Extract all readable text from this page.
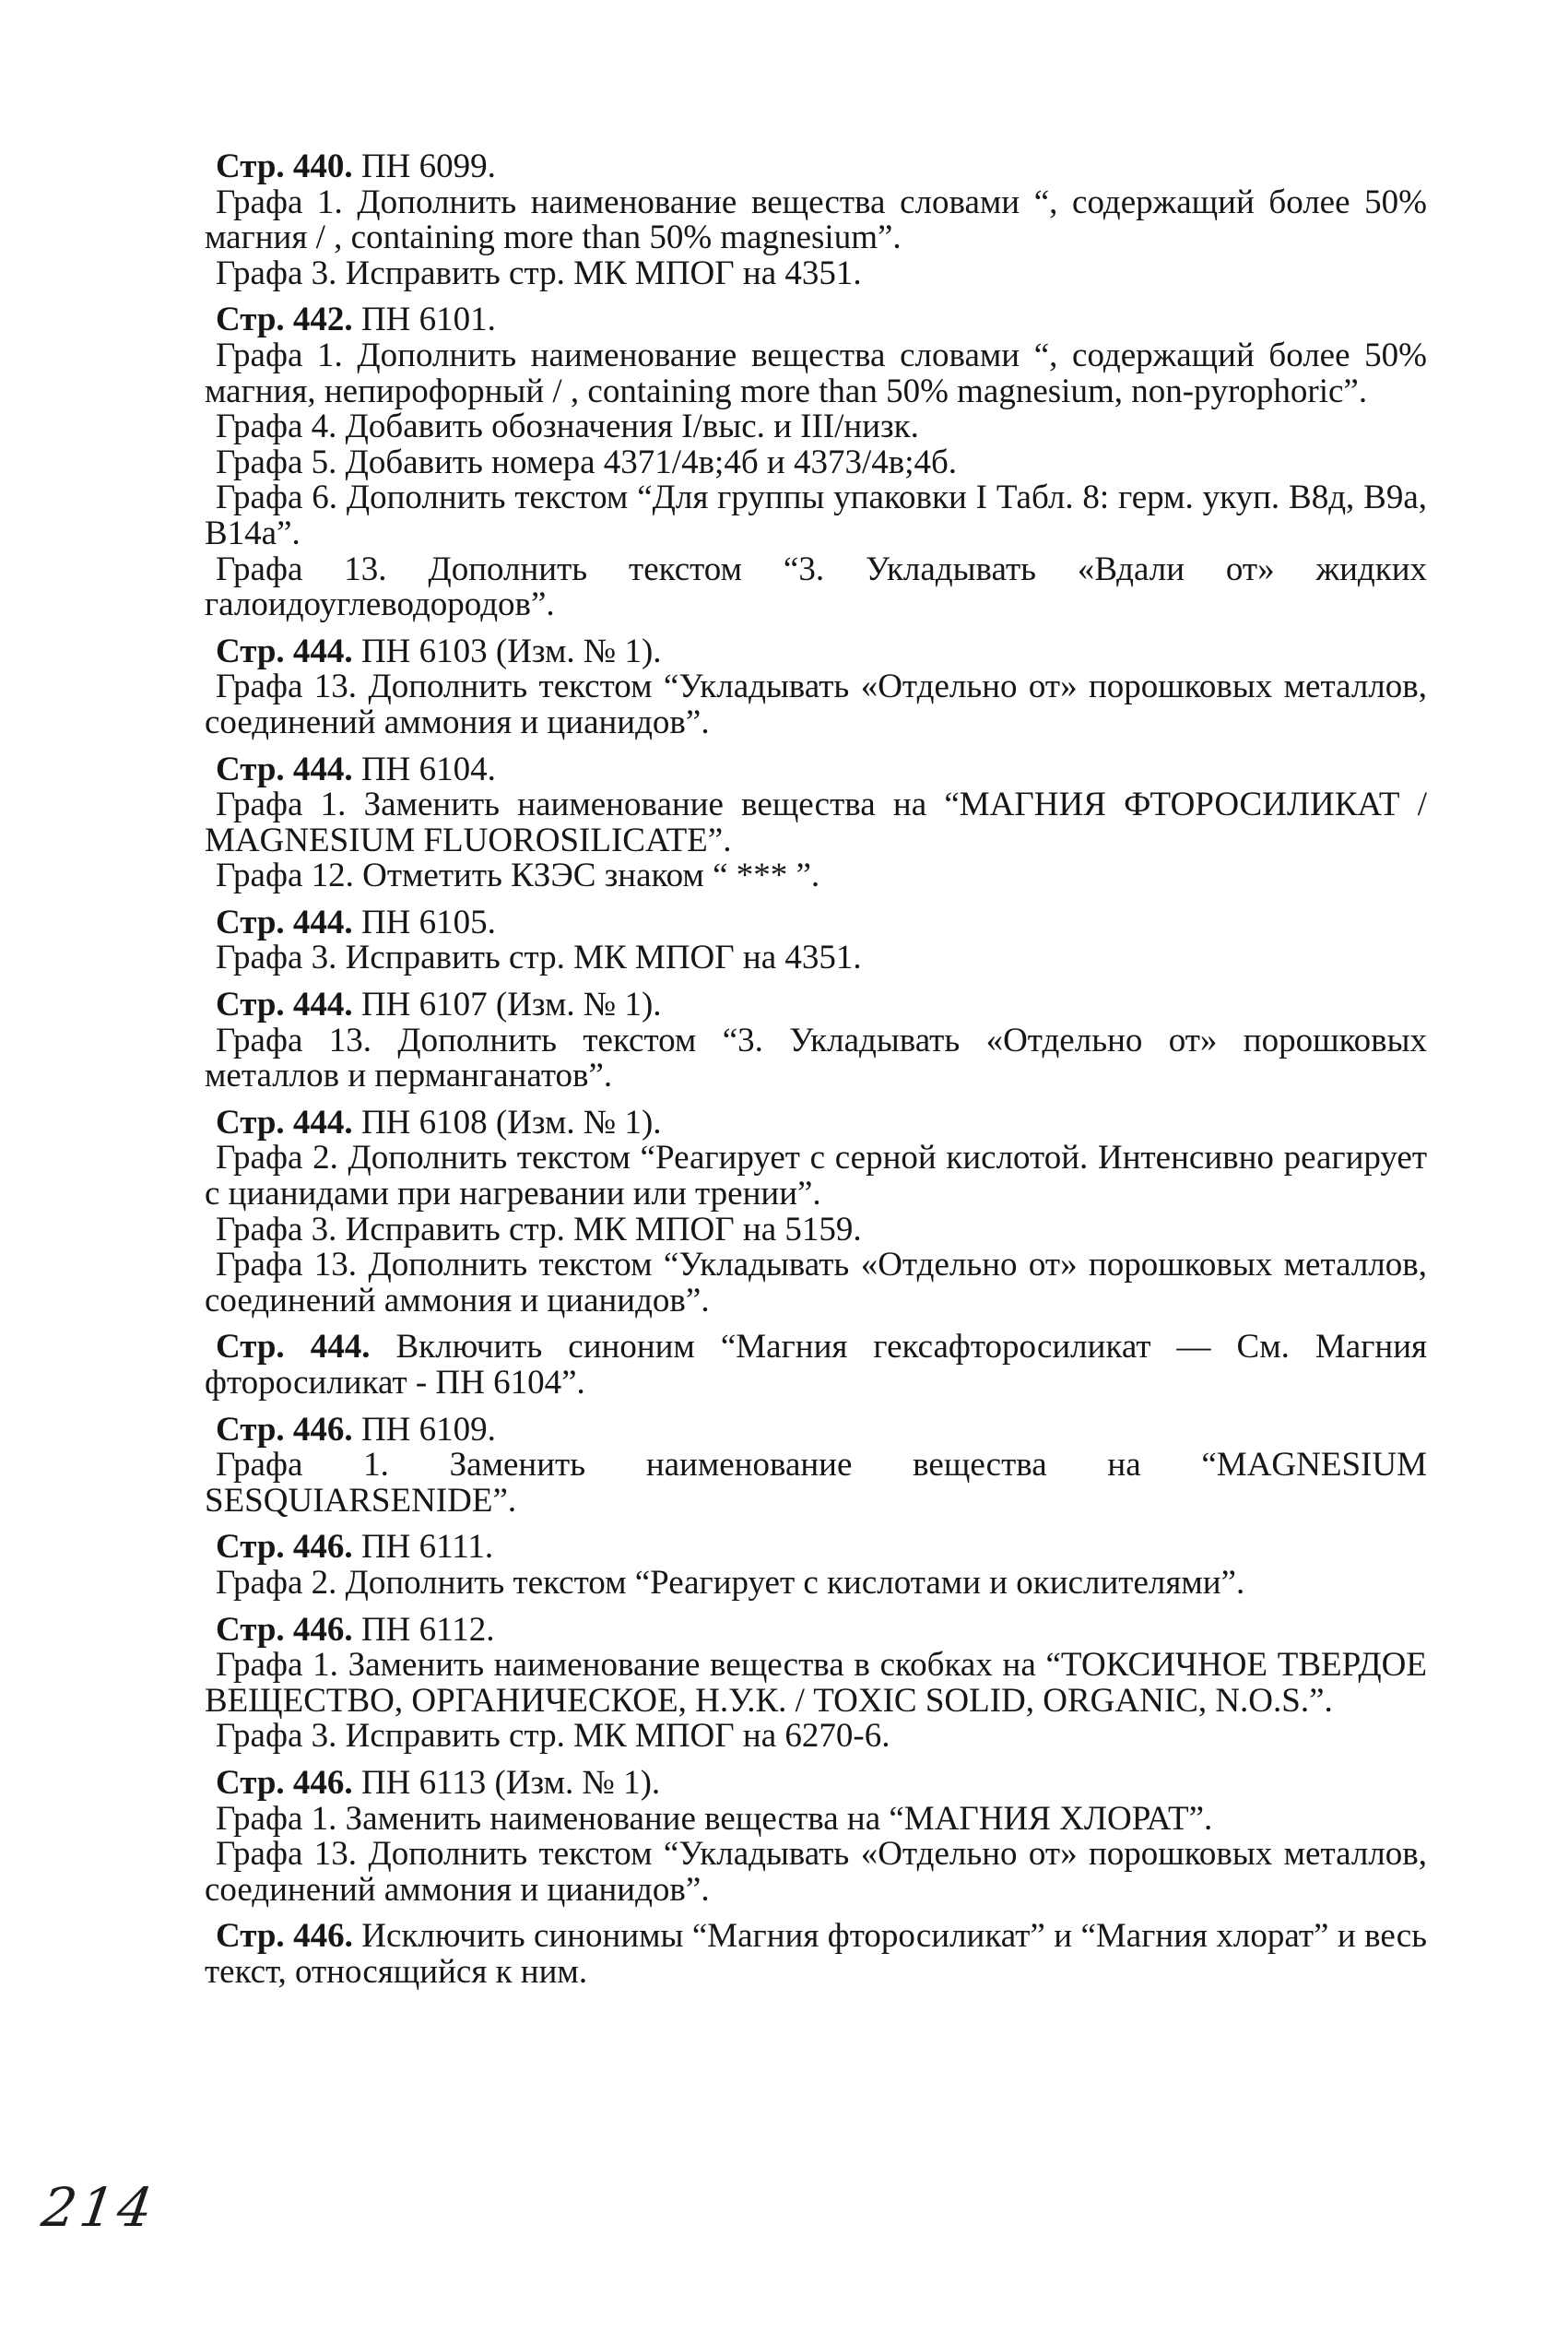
Стр. 440. ПН 6099.

Графа 1. Дополнить наименование вещества словами “, содержащий более 50% магния / , containing more than 50% magnesium”.

Графа 3. Исправить стр. МК МПОГ на 4351.

Стр. 442. ПН 6101.

Графа 1. Дополнить наименование вещества словами “, содержащий более 50% магния, непирофорный / , containing more than 50% magnesium, non-pyrophoric”.

Графа 4. Добавить обозначения I/выс. и III/низк.

Графа 5. Добавить номера 4371/4в;4б и 4373/4в;4б.

Графа 6. Дополнить текстом “Для группы упаковки I Табл. 8: герм. укуп. В8д, В9а, В14а”.

Графа 13. Дополнить текстом “3. Укладывать «Вдали от» жидких галоидоуглеводородов”.

Стр. 444. ПН 6103 (Изм. № 1).

Графа 13. Дополнить текстом “Укладывать «Отдельно от» порошковых металлов, соединений аммония и цианидов”.

Стр. 444. ПН 6104.

Графа 1. Заменить наименование вещества на “МАГНИЯ ФТОРОСИЛИКАТ / MAGNESIUM FLUOROSILICATE”.

Графа 12. Отметить КЗЭС знаком “ *** ”.

Стр. 444. ПН 6105.

Графа 3. Исправить стр. МК МПОГ на 4351.

Стр. 444. ПН 6107 (Изм. № 1).

Графа 13. Дополнить текстом “3. Укладывать «Отдельно от» порошковых металлов и перманганатов”.

Стр. 444. ПН 6108 (Изм. № 1).

Графа 2. Дополнить текстом “Реагирует с серной кислотой. Интенсивно реагирует с цианидами при нагревании или трении”.

Графа 3. Исправить стр. МК МПОГ на 5159.

Графа 13. Дополнить текстом “Укладывать «Отдельно от» порошковых металлов, соединений аммония и цианидов”.

Стр. 444. Включить синоним “Магния гексафторосиликат — См. Магния фторосиликат - ПН 6104”.

Стр. 446. ПН 6109.

Графа 1. Заменить наименование вещества на “MAGNESIUM SESQUIARSENIDE”.

Стр. 446. ПН 6111.

Графа 2. Дополнить текстом “Реагирует с кислотами и окислителями”.

Стр. 446. ПН 6112.

Графа 1. Заменить наименование вещества в скобках на “ТОКСИЧНОЕ ТВЕРДОЕ ВЕЩЕСТВО, ОРГАНИЧЕСКОЕ, Н.У.К. / TOXIC SOLID, ORGANIC, N.O.S.”.

Графа 3. Исправить стр. МК МПОГ на 6270-6.

Стр. 446. ПН 6113 (Изм. № 1).

Графа 1. Заменить наименование вещества на “МАГНИЯ ХЛОРАТ”.

Графа 13. Дополнить текстом “Укладывать «Отдельно от» порошковых металлов, соединений аммония и цианидов”.

Стр. 446. Исключить синонимы “Магния фторосиликат” и “Магния хлорат” и весь текст, относящийся к ним.

214
